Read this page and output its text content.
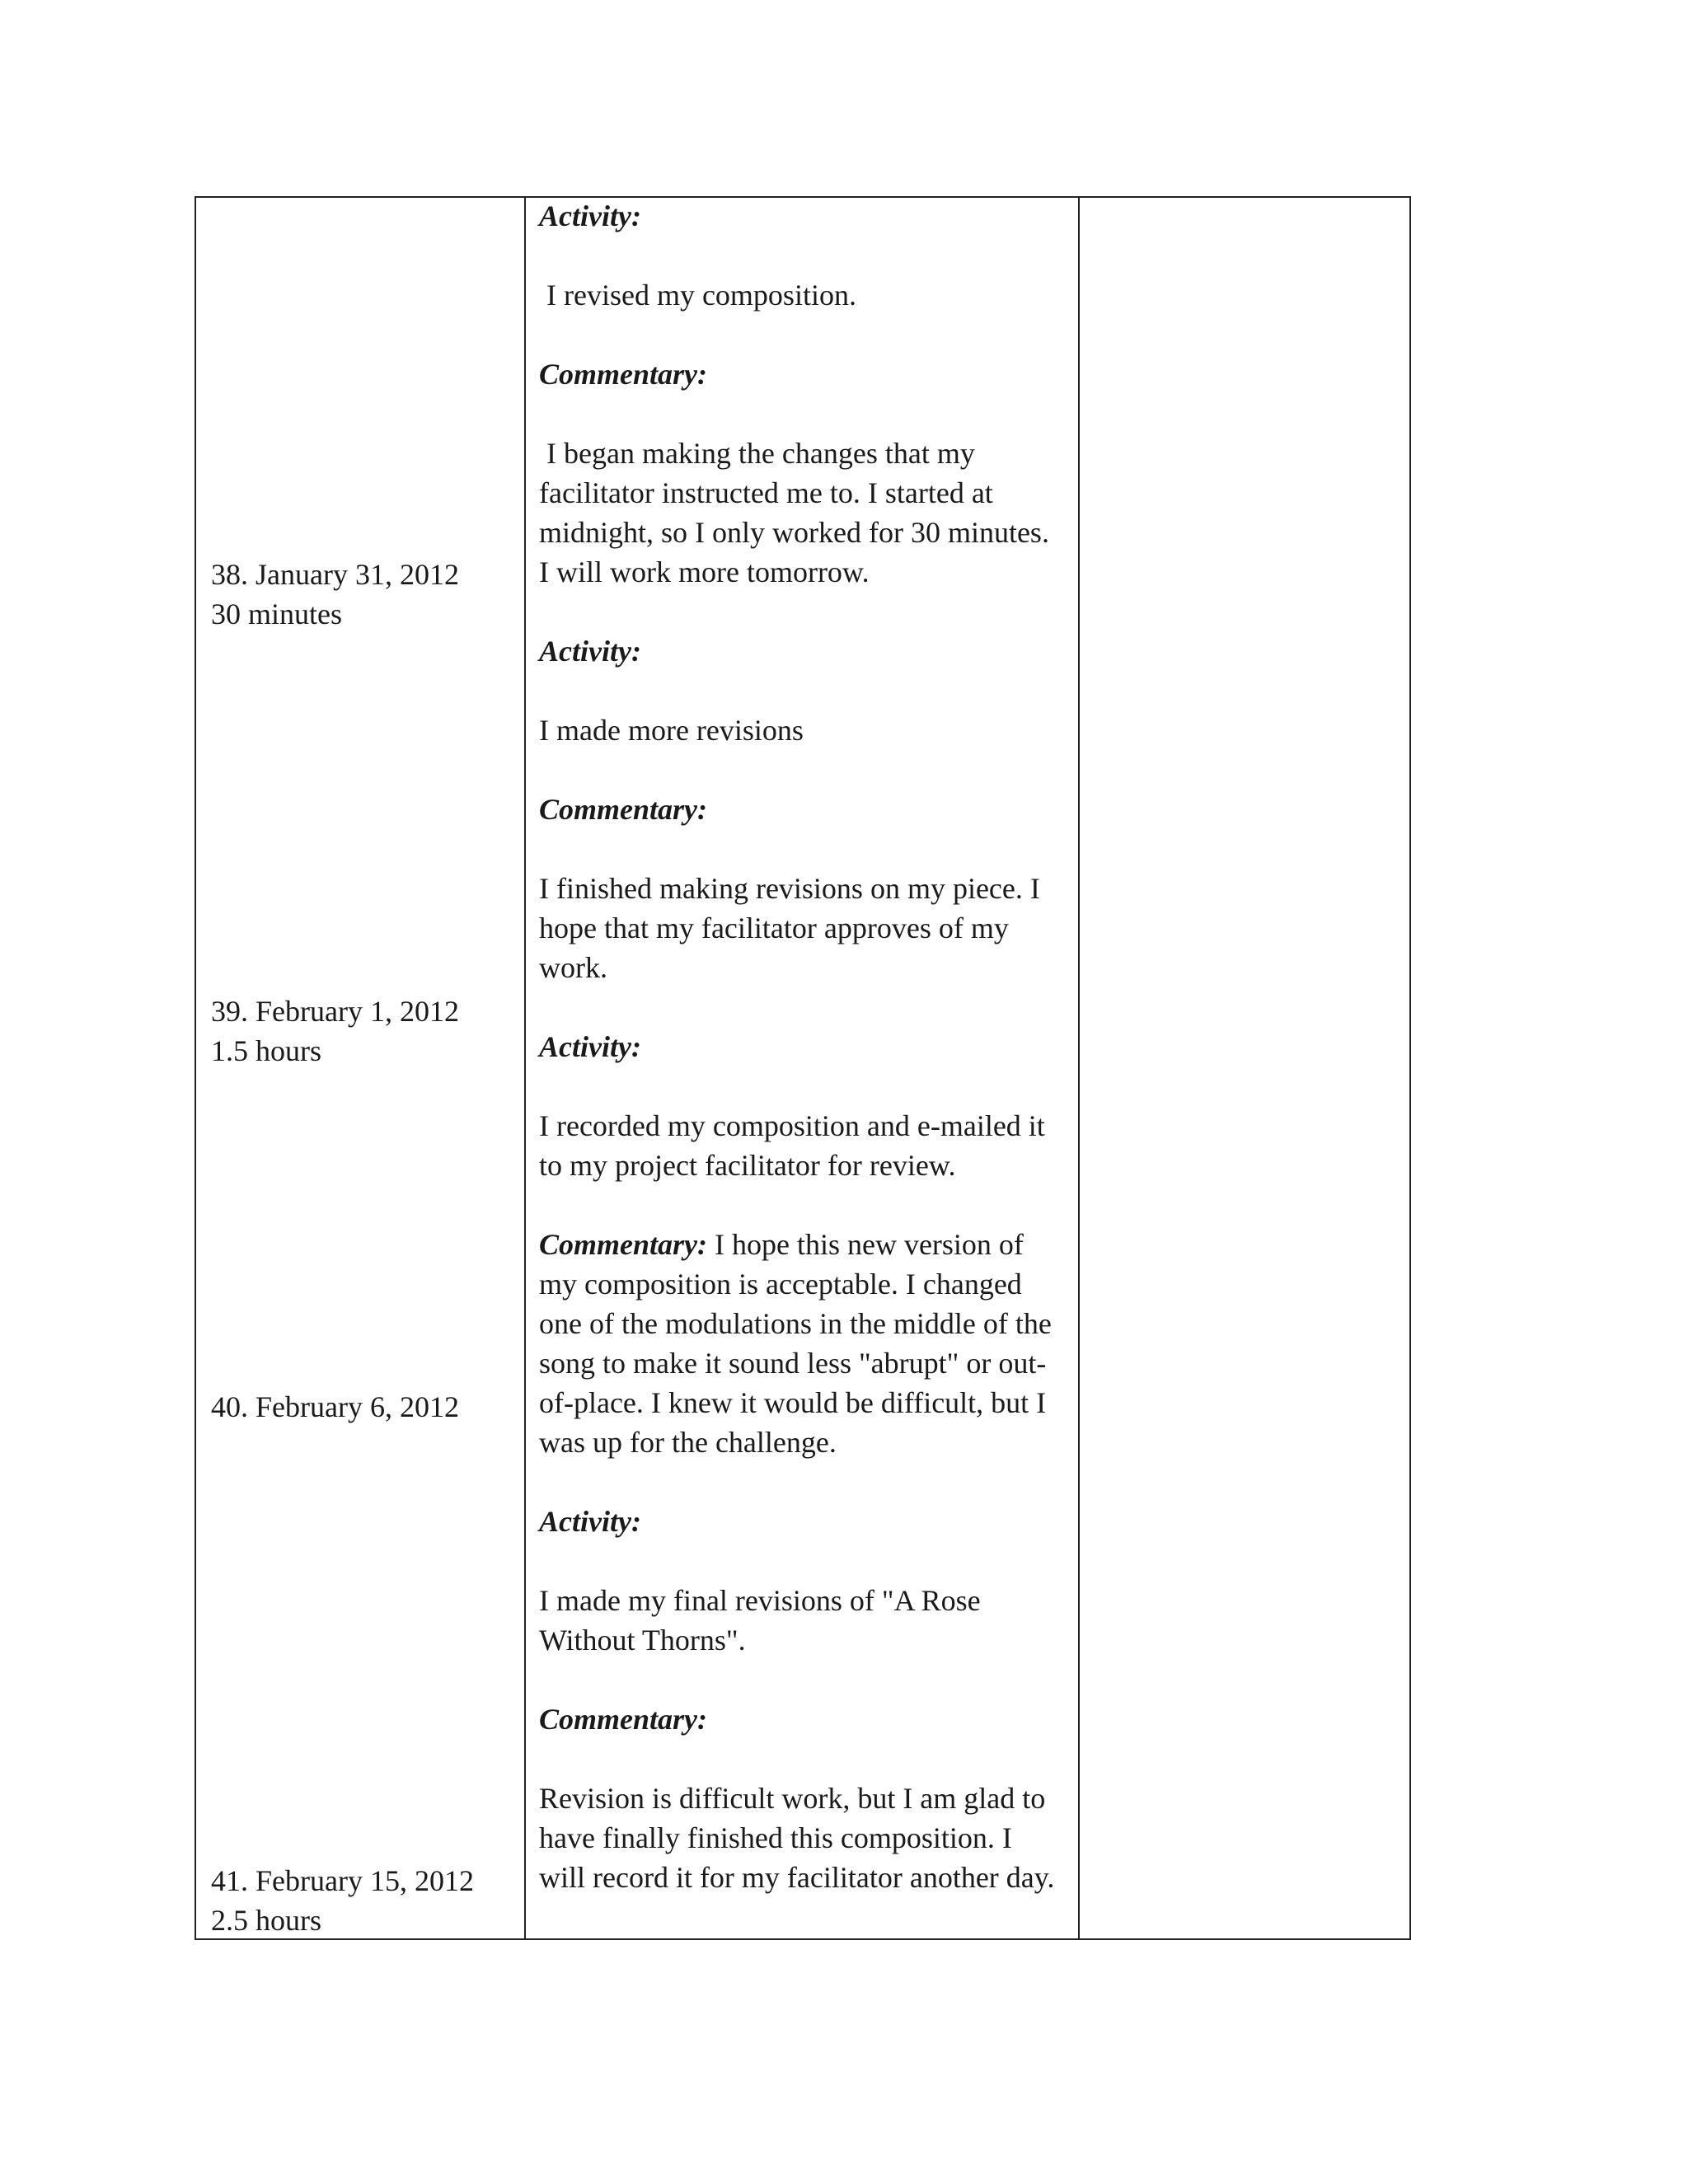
38. January 31, 2012
30 minutes
39. February 1, 2012
1.5 hours
40. February 6, 2012
41. February 15, 2012
2.5 hours
Activity:
I revised my composition.
Commentary:
I began making the changes that my
facilitator instructed me to. I started at
midnight, so I only worked for 30 minutes.
I will work more tomorrow.
Activity:
I made more revisions
Commentary:
I finished making revisions on my piece. I
hope that my facilitator approves of my
work.
Activity:
I recorded my composition and e-mailed it
to my project facilitator for review.
Commentary: I hope this new version of
my composition is acceptable. I changed
one of the modulations in the middle of the
song to make it sound less "abrupt" or out-
of-place. I knew it would be difficult, but I
was up for the challenge.
Activity:
I made my final revisions of "A Rose
Without Thorns".
Commentary:
Revision is difficult work, but I am glad to
have finally finished this composition. I
will record it for my facilitator another day.
